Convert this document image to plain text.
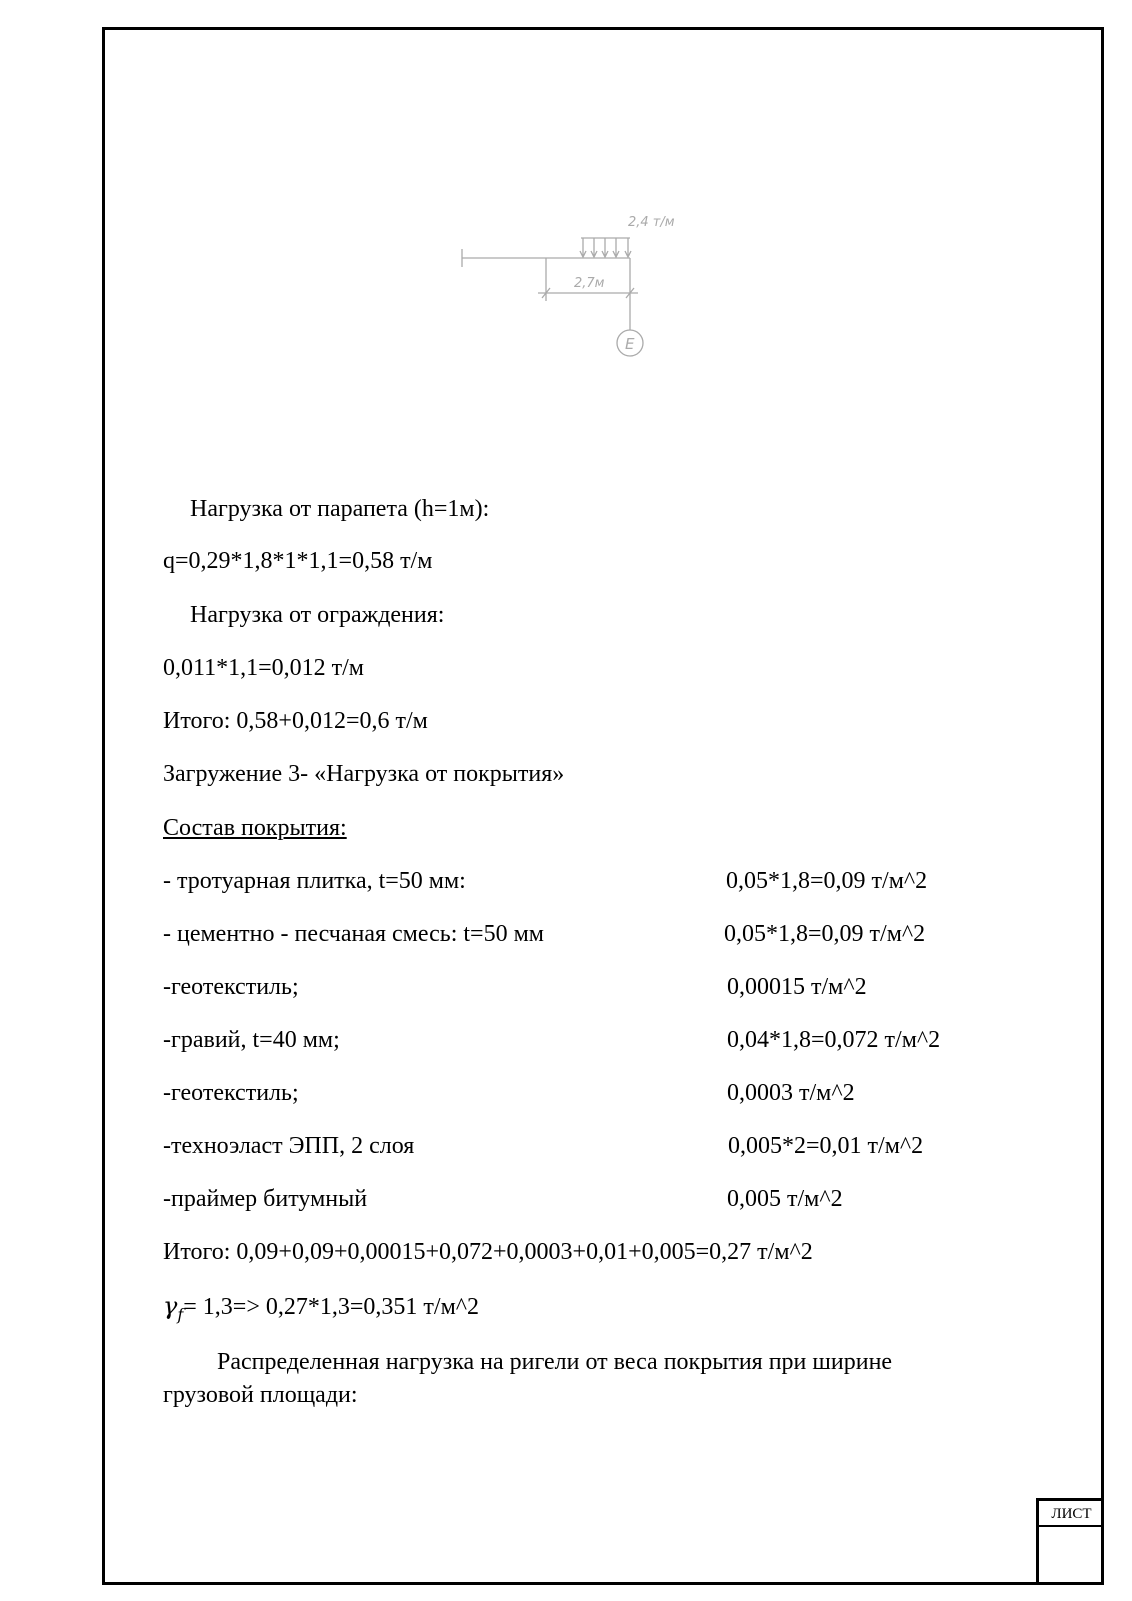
2,4 т/м
2,7м
Е
Нагрузка от парапета (h=1м):
q=0,29*1,8*1*1,1=0,58 т/м
Нагрузка от ограждения:
0,011*1,1=0,012 т/м
Итого: 0,58+0,012=0,6 т/м
Загружение 3- «Нагрузка от покрытия»
Состав покрытия:
- тротуарная плитка, t=50 мм:	0,05*1,8=0,09 т/м^2
- цементно - песчаная смесь: t=50 мм	0,05*1,8=0,09 т/м^2
-геотекстиль;	0,00015 т/м^2
-гравий, t=40 мм;	0,04*1,8=0,072 т/м^2
-геотекстиль;	0,0003 т/м^2
-техноэласт ЭПП, 2 слоя	0,005*2=0,01 т/м^2
-праймер битумный	0,005 т/м^2
Итого: 0,09+0,09+0,00015+0,072+0,0003+0,01+0,005=0,27 т/м^2
$\gamma_f= 1,3=> 0,27*1,3=0,351$ т/м^2
Распределенная нагрузка на ригели от веса покрытия при ширине
грузовой площади:
ЛИСТ
